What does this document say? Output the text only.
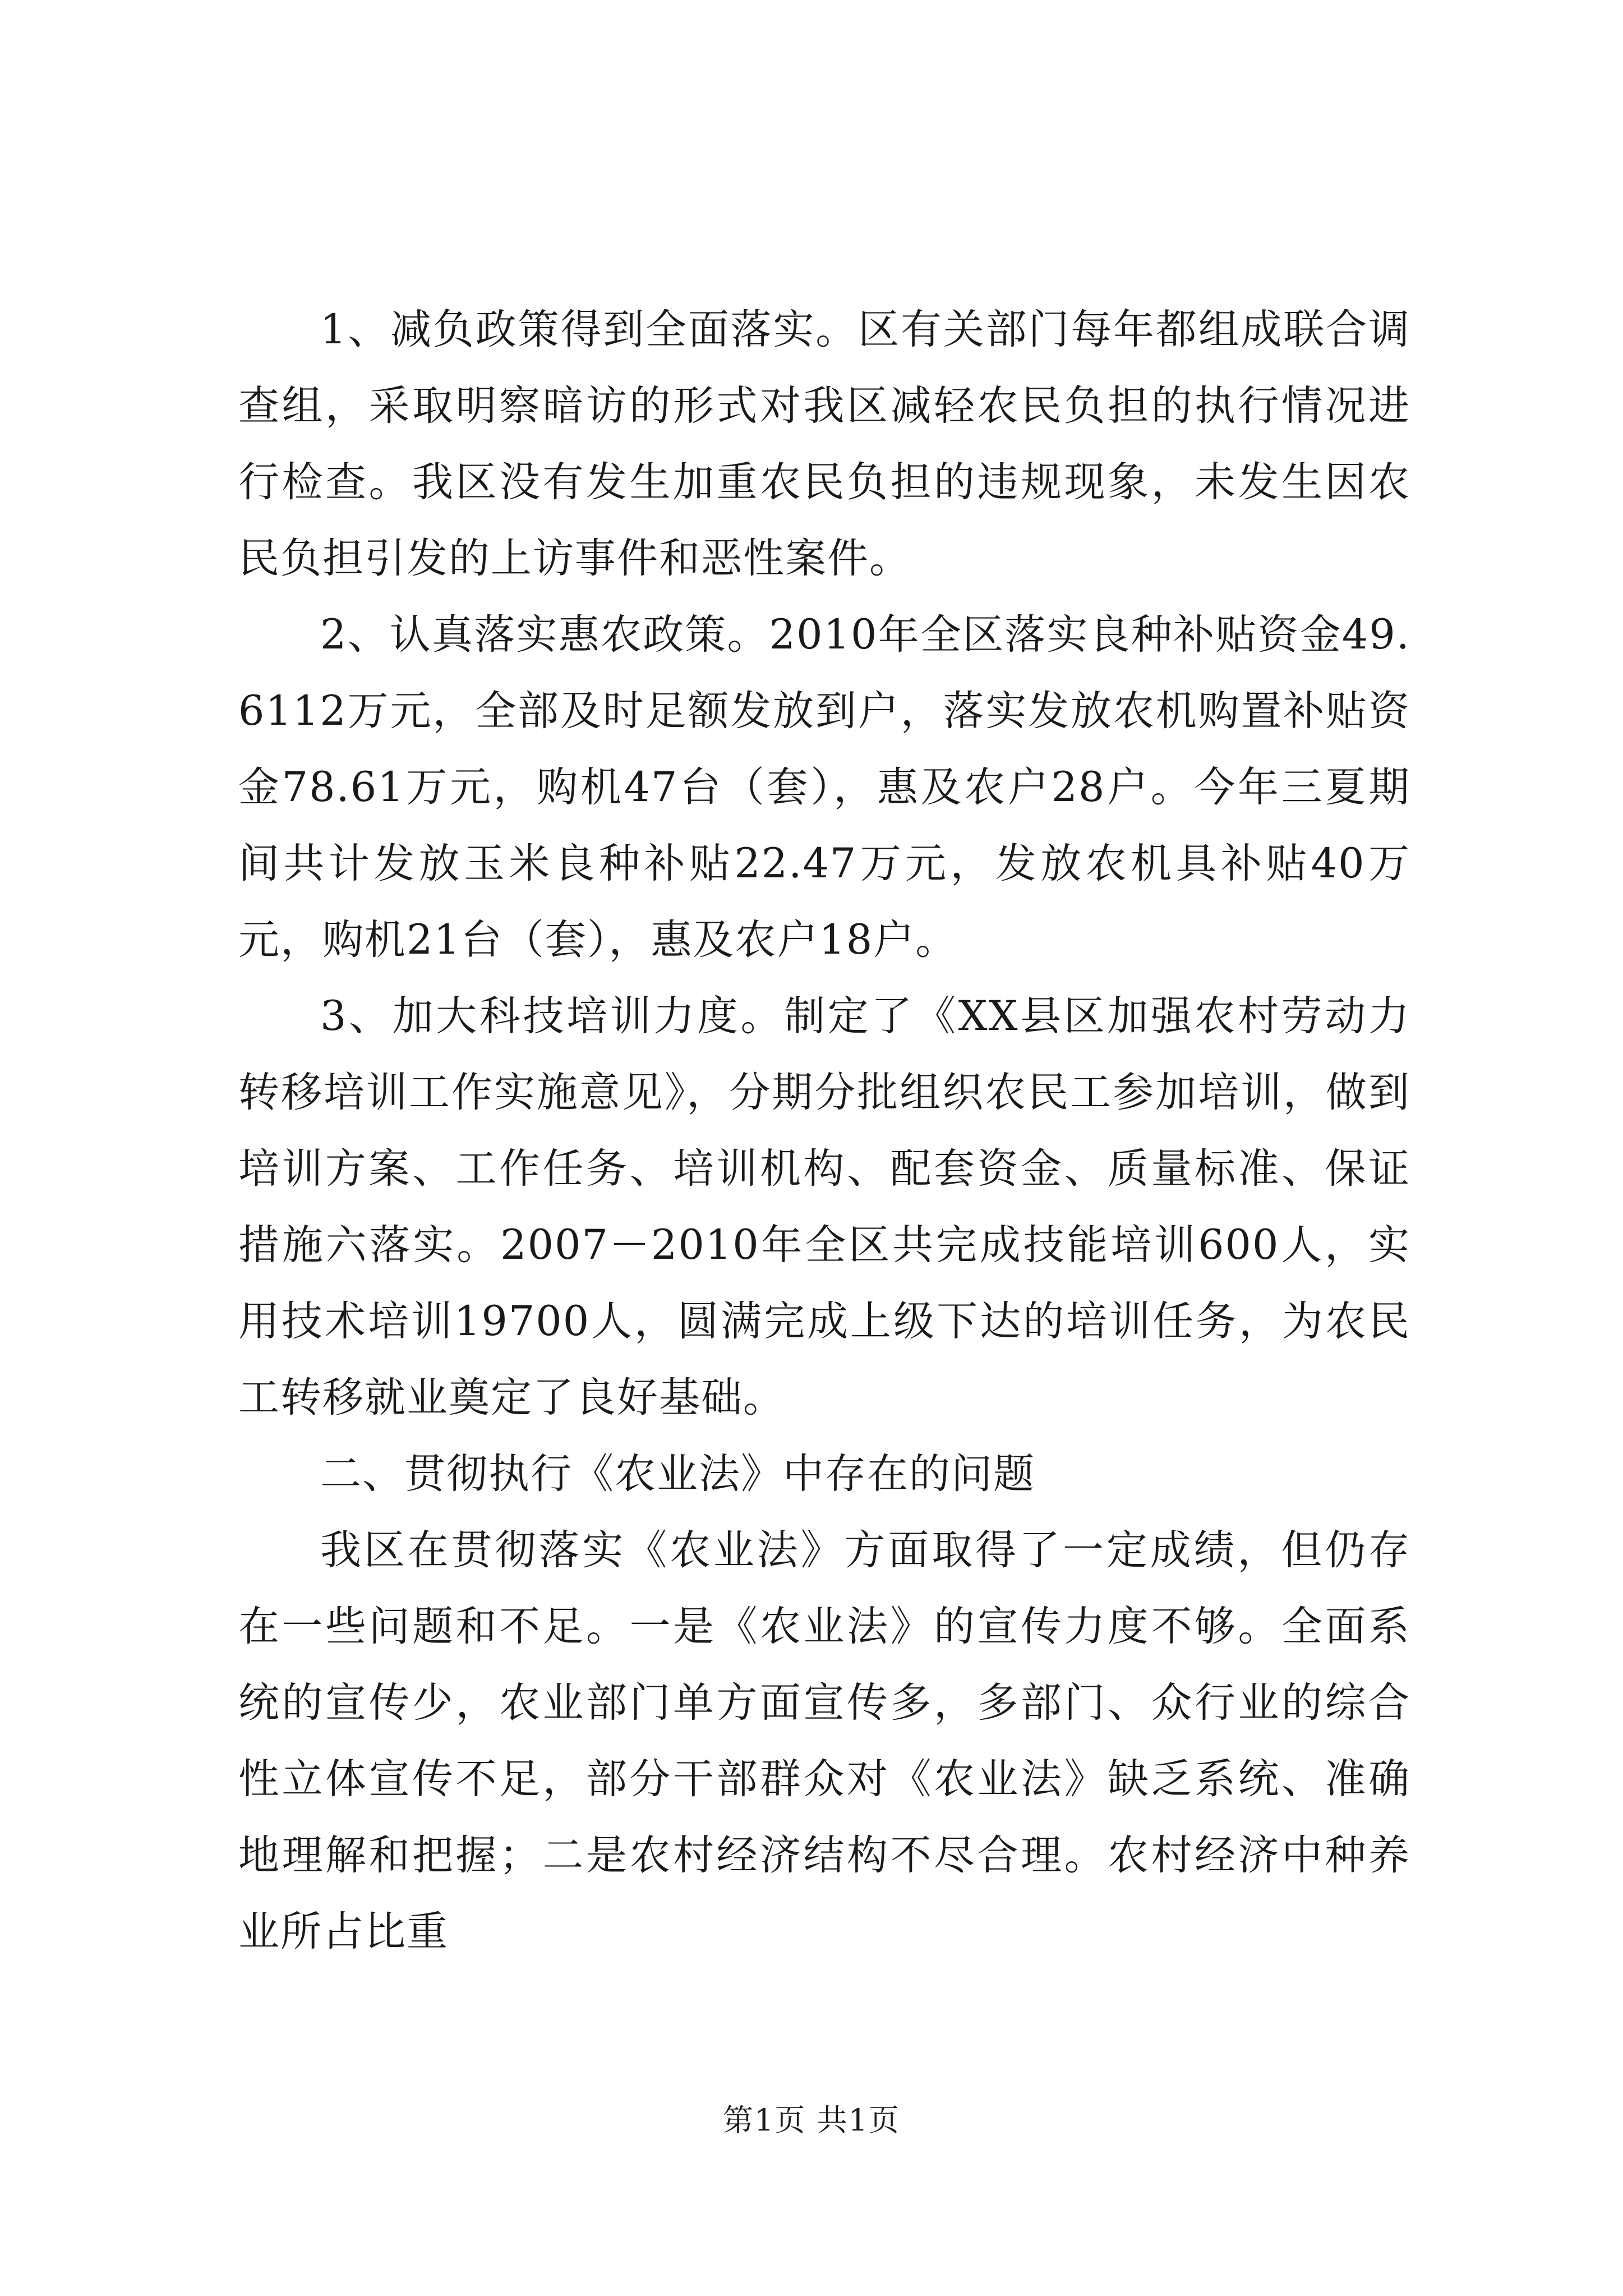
1、减负政策得到全面落实。区有关部门每年都组成联合调查组，采取明察暗访的形式对我区减轻农民负担的执行情况进行检查。我区没有发生加重农民负担的违规现象，未发生因农民负担引发的上访事件和恶性案件。

2、认真落实惠农政策。2010年全区落实良种补贴资金49.6112万元，全部及时足额发放到户，落实发放农机购置补贴资金78.61万元，购机47台（套），惠及农户28户。今年三夏期间共计发放玉米良种补贴22.47万元，发放农机具补贴40万元，购机21台（套），惠及农户18户。

3、加大科技培训力度。制定了《XX县区加强农村劳动力转移培训工作实施意见》，分期分批组织农民工参加培训，做到培训方案、工作任务、培训机构、配套资金、质量标准、保证措施六落实。2007－2010年全区共完成技能培训600人，实用技术培训19700人，圆满完成上级下达的培训任务，为农民工转移就业奠定了良好基础。

二、贯彻执行《农业法》中存在的问题

我区在贯彻落实《农业法》方面取得了一定成绩，但仍存在一些问题和不足。一是《农业法》的宣传力度不够。全面系统的宣传少，农业部门单方面宣传多，多部门、众行业的综合性立体宣传不足，部分干部群众对《农业法》缺乏系统、准确地理解和把握；二是农村经济结构不尽合理。农村经济中种养业所占比重

第1页 共1页
